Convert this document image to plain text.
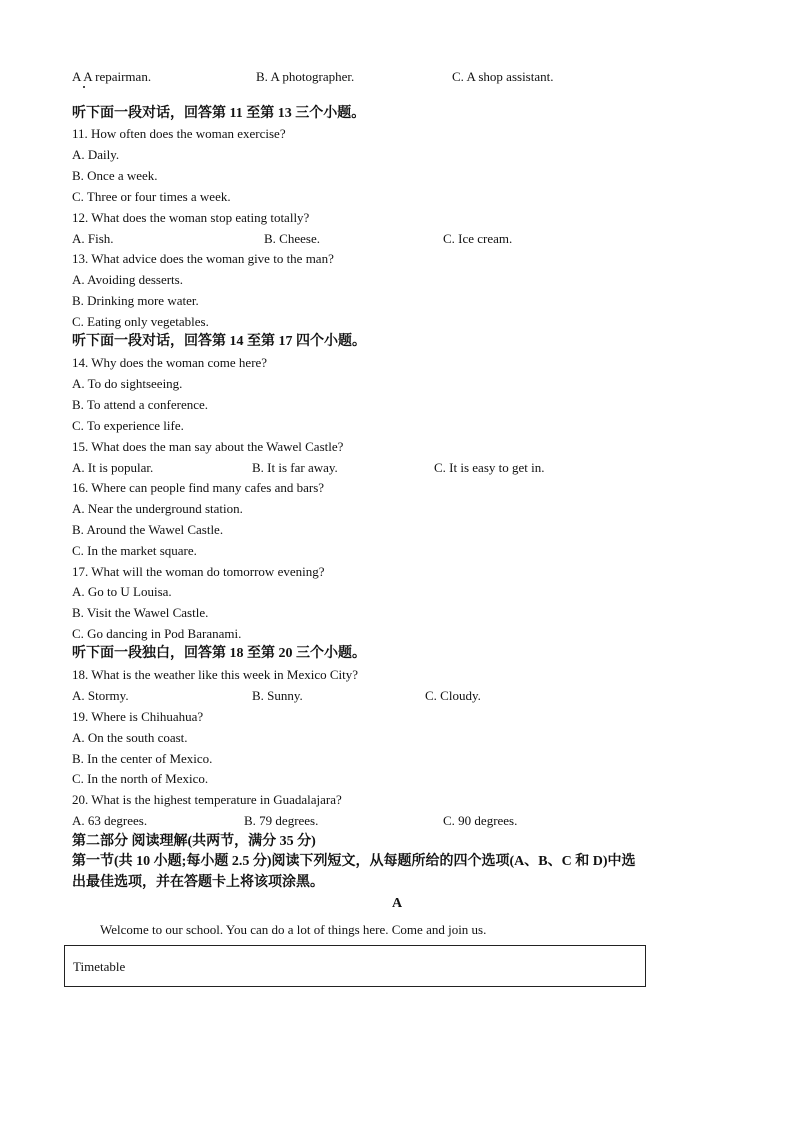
A A repairman.	B. A photographer.	C. A shop assistant.
听下面一段对话，回答第 11 至第 13 三个小题。
11. How often does the woman exercise?
A. Daily.
B. Once a week.
C. Three or four times a week.
12. What does the woman stop eating totally?
A. Fish.	B. Cheese.	C. Ice cream.
13. What advice does the woman give to the man?
A. Avoiding desserts.
B. Drinking more water.
C. Eating only vegetables.
听下面一段对话，回答第 14 至第 17 四个小题。
14. Why does the woman come here?
A. To do sightseeing.
B. To attend a conference.
C. To experience life.
15. What does the man say about the Wawel Castle?
A. It is popular.	B. It is far away.	C. It is easy to get in.
16. Where can people find many cafes and bars?
A. Near the underground station.
B. Around the Wawel Castle.
C. In the market square.
17. What will the woman do tomorrow evening?
A. Go to U Louisa.
B. Visit the Wawel Castle.
C. Go dancing in Pod Baranami.
听下面一段独白，回答第 18 至第 20 三个小题。
18. What is the weather like this week in Mexico City?
A. Stormy.	B. Sunny.	C. Cloudy.
19. Where is Chihuahua?
A. On the south coast.
B. In the center of Mexico.
C. In the north of Mexico.
20. What is the highest temperature in Guadalajara?
A. 63 degrees.	B. 79 degrees.	C. 90 degrees.
第二部分 阅读理解(共两节，满分 35 分)
第一节(共 10 小题;每小题 2.5 分)阅读下列短文，从每题所给的四个选项(A、B、C 和 D)中选
出最佳选项，并在答题卡上将该项涂黑。
A
Welcome to our school. You can do a lot of things here. Come and join us.
Timetable
